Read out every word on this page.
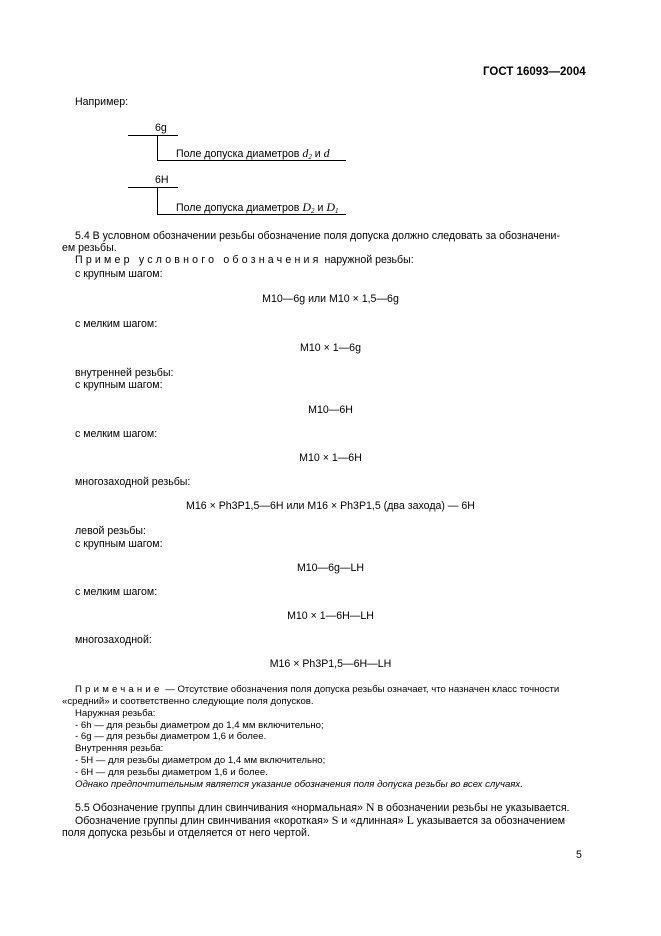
ГОСТ 16093—2004
Например:
6g
Поле допуска диаметров $d_2$ и d
6H
Поле допуска диаметров $D_2$ и $D_1$
5.4 В условном обозначении резьбы обозначение поля допуска должно следовать за обозначени-
ем резьбы.
Пример условного обозначения наружной резьбы:
с крупным шагом:
М10—6g или М10 × 1,5—6g
с мелким шагом:
М10 × 1—6g
внутренней резьбы:
с крупным шагом:
М10—6H
с мелким шагом:
М10 × 1—6H
многозаходной резьбы:
М16 × Ph3P1,5—6H или М16 × Ph3P1,5 (два захода) — 6H
левой резьбы:
с крупным шагом:
М10—6g—LH
с мелким шагом:
М10 × 1—6H—LH
многозаходной:
М16 × Ph3P1,5—6H—LH
Примечание — Отсутствие обозначения поля допуска резьбы означает, что назначен класс точности
«средний» и соответственно следующие поля допусков.
Наружная резьба:
- 6h — для резьбы диаметром до 1,4 мм включительно;
- 6g — для резьбы диаметром 1,6 и более.
Внутренняя резьба:
- 5H — для резьбы диаметром до 1,4 мм включительно;
- 6H — для резьбы диаметром 1,6 и более.
Однако предпочтительным является указание обозначения поля допуска резьбы во всех случаях.
5.5 Обозначение группы длин свинчивания «нормальная» N в обозначении резьбы не указывается.
Обозначение группы длин свинчивания «короткая» S и «длинная» L указывается за обозначением
поля допуска резьбы и отделяется от него чертой.
5
